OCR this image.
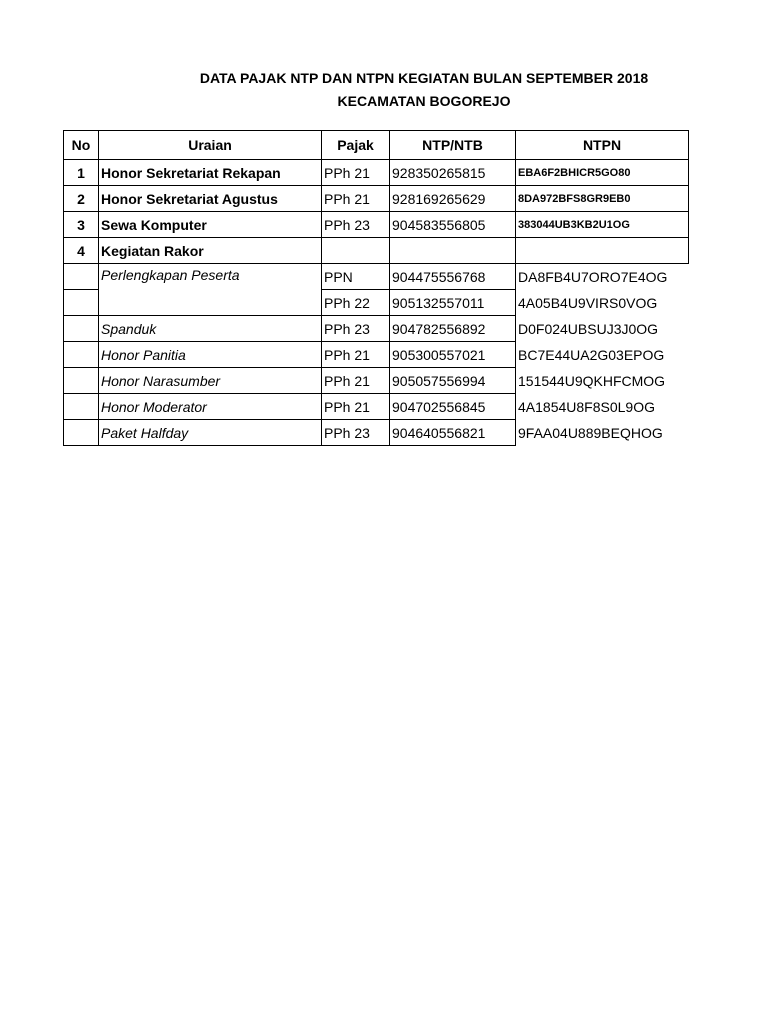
DATA PAJAK NTP DAN NTPN KEGIATAN BULAN SEPTEMBER 2018
KECAMATAN BOGOREJO
No	Uraian	Pajak	NTP/NTB	NTPN
1	Honor Sekretariat Rekapan	PPh 21	928350265815	EBA6F2BHICR5GO80
2	Honor Sekretariat Agustus	PPh 21	928169265629	8DA972BFS8GR9EB0
3	Sewa Komputer	PPh 23	904583556805	383044UB3KB2U1OG
4	Kegiatan Rakor			
	Perlengkapan Peserta	PPN	904475556768	DA8FB4U7ORO7E4OG
		PPh 22	905132557011	4A05B4U9VIRS0VOG
	Spanduk	PPh 23	904782556892	D0F024UBSUJ3J0OG
	Honor Panitia	PPh 21	905300557021	BC7E44UA2G03EPOG
	Honor Narasumber	PPh 21	905057556994	151544U9QKHFCMOG
	Honor Moderator	PPh 21	904702556845	4A1854U8F8S0L9OG
	Paket Halfday	PPh 23	904640556821	9FAA04U889BEQHOG
